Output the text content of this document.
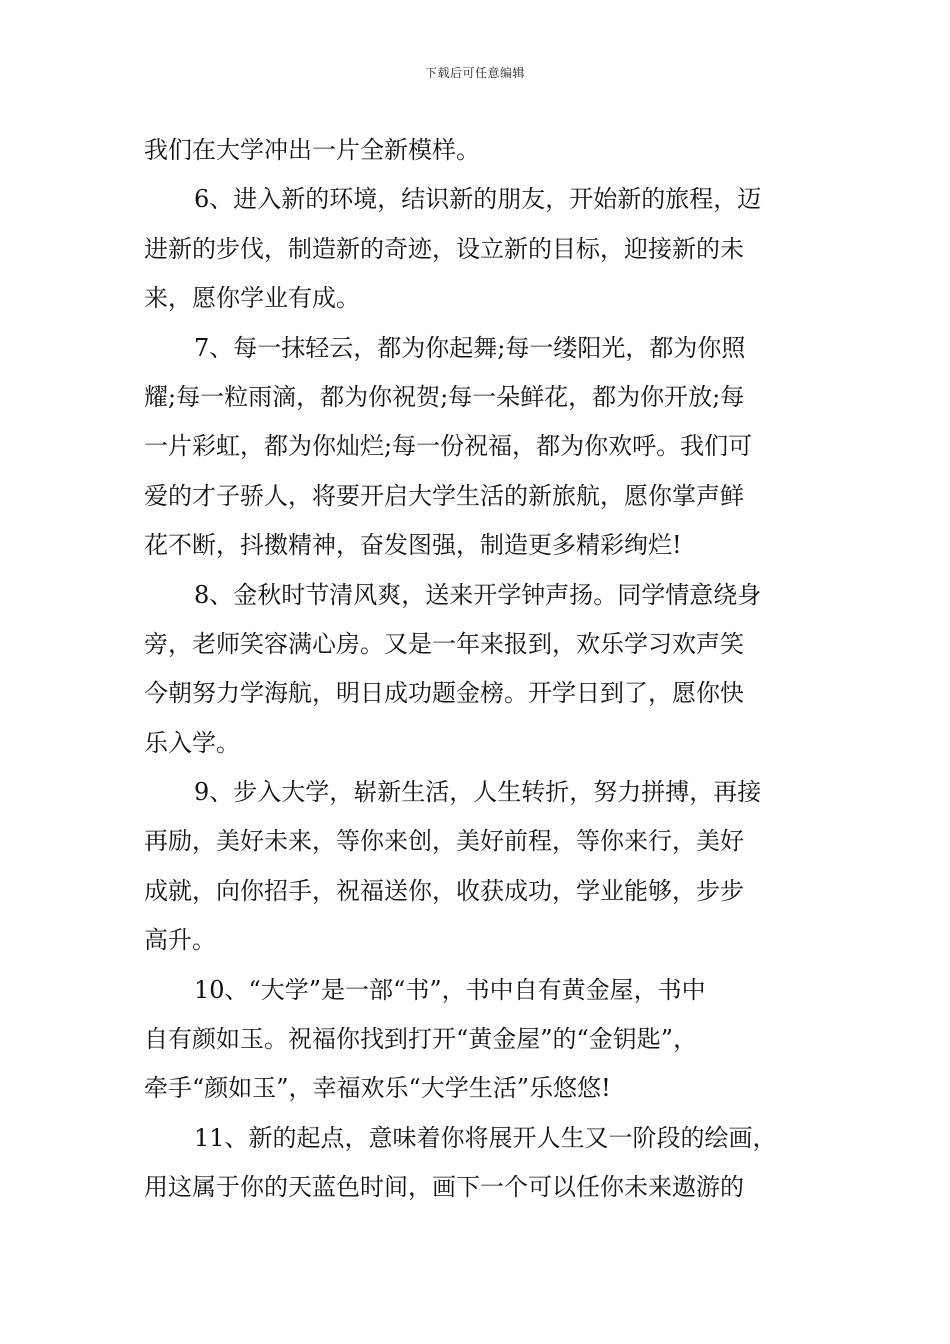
下载后可任意编辑
我们在大学冲出一片全新模样。
6、进入新的环境，结识新的朋友，开始新的旅程，迈
进新的步伐，制造新的奇迹，设立新的目标，迎接新的未
来，愿你学业有成。
7、每一抹轻云，都为你起舞;每一缕阳光，都为你照
耀;每一粒雨滴，都为你祝贺;每一朵鲜花，都为你开放;每
一片彩虹，都为你灿烂;每一份祝福，都为你欢呼。我们可
爱的才子骄人，将要开启大学生活的新旅航，愿你掌声鲜
花不断，抖擞精神，奋发图强，制造更多精彩绚烂!
8、金秋时节清风爽，送来开学钟声扬。同学情意绕身
旁，老师笑容满心房。又是一年来报到，欢乐学习欢声笑
今朝努力学海航，明日成功题金榜。开学日到了，愿你快
乐入学。
9、步入大学，崭新生活，人生转折，努力拼搏，再接
再励，美好未来，等你来创，美好前程，等你来行，美好
成就，向你招手，祝福送你，收获成功，学业能够，步步
高升。
10、“大学”是一部“书”，书中自有黄金屋，书中
自有颜如玉。祝福你找到打开“黄金屋”的“金钥匙”，
牵手“颜如玉”，幸福欢乐“大学生活”乐悠悠!
11、新的起点，意味着你将展开人生又一阶段的绘画，
用这属于你的天蓝色时间，画下一个可以任你未来遨游的
